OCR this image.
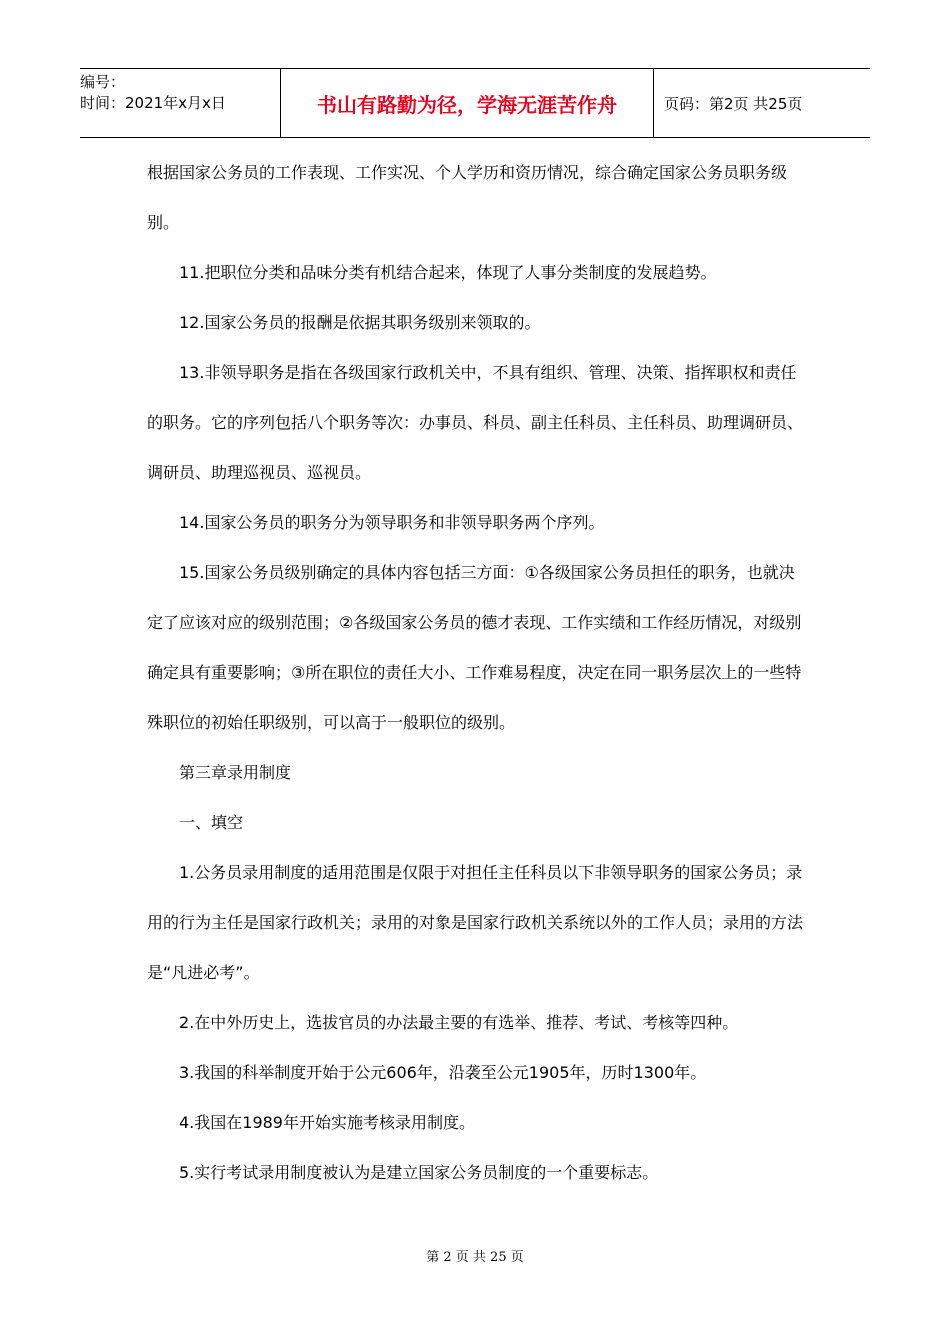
编号：
时间：2021年x月x日	书山有路勤为径，学海无涯苦作舟	页码：第2页 共25页

根据国家公务员的工作表现、工作实况、个人学历和资历情况，综合确定国家公务员职务级别。

11.把职位分类和品味分类有机结合起来，体现了人事分类制度的发展趋势。

12.国家公务员的报酬是依据其职务级别来领取的。

13.非领导职务是指在各级国家行政机关中，不具有组织、管理、决策、指挥职权和责任的职务。它的序列包括八个职务等次：办事员、科员、副主任科员、主任科员、助理调研员、调研员、助理巡视员、巡视员。

14.国家公务员的职务分为领导职务和非领导职务两个序列。

15.国家公务员级别确定的具体内容包括三方面：①各级国家公务员担任的职务，也就决定了应该对应的级别范围；②各级国家公务员的德才表现、工作实绩和工作经历情况，对级别确定具有重要影响；③所在职位的责任大小、工作难易程度，决定在同一职务层次上的一些特殊职位的初始任职级别，可以高于一般职位的级别。

第三章录用制度

一、填空

1.公务员录用制度的适用范围是仅限于对担任主任科员以下非领导职务的国家公务员；录用的行为主任是国家行政机关；录用的对象是国家行政机关系统以外的工作人员；录用的方法是“凡进必考”。

2.在中外历史上，选拔官员的办法最主要的有选举、推荐、考试、考核等四种。

3.我国的科举制度开始于公元606年，沿袭至公元1905年，历时1300年。

4.我国在1989年开始实施考核录用制度。

5.实行考试录用制度被认为是建立国家公务员制度的一个重要标志。

第 2 页 共 25 页
